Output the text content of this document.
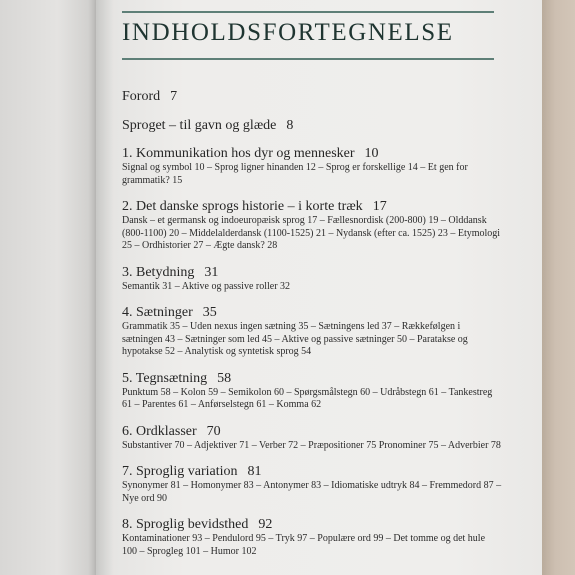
INDHOLDSFORTEGNELSE
Forord 7
Sproget – til gavn og glæde 8
1. Kommunikation hos dyr og mennesker 10
Signal og symbol 10 – Sprog ligner hinanden 12 – Sprog er forskellige 14 – Et gen for grammatik? 15
2. Det danske sprogs historie – i korte træk 17
Dansk – et germansk og indoeuropæisk sprog 17 – Fællesnordisk (200-800) 19 – Olddansk (800-1100) 20 – Middelalderdansk (1100-1525) 21 – Nydansk (efter ca. 1525) 23 – Etymologi 25 – Ordhistorier 27 – Ægte dansk? 28
3. Betydning 31
Semantik 31 – Aktive og passive roller 32
4. Sætninger 35
Grammatik 35 – Uden nexus ingen sætning 35 – Sætningens led 37 – Rækkefølgen i sætningen 43 – Sætninger som led 45 – Aktive og passive sætninger 50 – Paratakse og hypotakse 52 – Analytisk og syntetisk sprog 54
5. Tegnsætning 58
Punktum 58 – Kolon 59 – Semikolon 60 – Spørgsmålstegn 60 – Udråbstegn 61 – Tankestreg 61 – Parentes 61 – Anførselstegn 61 – Komma 62
6. Ordklasser 70
Substantiver 70 – Adjektiver 71 – Verber 72 – Præpositioner 75 Pronominer 75 – Adverbier 78
7. Sproglig variation 81
Synonymer 81 – Homonymer 83 – Antonymer 83 – Idiomatiske udtryk 84 – Fremmedord 87 – Nye ord 90
8. Sproglig bevidsthed 92
Kontaminationer 93 – Pendulord 95 – Tryk 97 – Populære ord 99 – Det tomme og det hule 100 – Sprogleg 101 – Humor 102
